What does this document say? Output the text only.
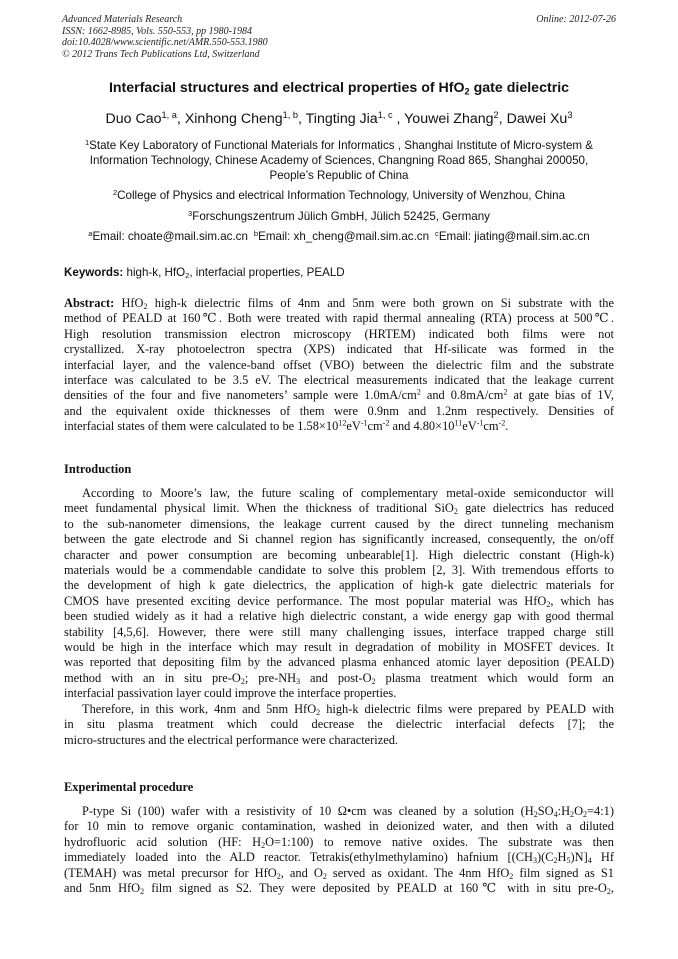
Advanced Materials Research
ISSN: 1662-8985, Vols. 550-553, pp 1980-1984
doi:10.4028/www.scientific.net/AMR.550-553.1980
© 2012 Trans Tech Publications Ltd, Switzerland
Online: 2012-07-26
Interfacial structures and electrical properties of HfO$_2$ gate dielectric
Duo Cao$^{1, a}$, Xinhong Cheng$^{1, b}$, Tingting Jia$^{1, c}$ , Youwei Zhang$^2$, Dawei Xu$^3$
$^1$State Key Laboratory of Functional Materials for Informatics , Shanghai Institute of Micro-system &
Information Technology, Chinese Academy of Sciences, Changning Road 865, Shanghai 200050,
People’s Republic of China
$^2$College of Physics and electrical Information Technology, University of Wenzhou, China
$^3$Forschungszentrum Jülich GmbH, Jülich 52425, Germany
$^a$Email: choate@mail.sim.ac.cn $^b$Email: xh_cheng@mail.sim.ac.cn $^c$Email: jiating@mail.sim.ac.cn
Keywords: high-k, HfO$_2$, interfacial properties, PEALD
Abstract: HfO$_2$ high-k dielectric films of 4nm and 5nm were both grown on Si substrate with the
method of PEALD at 160℃. Both were treated with rapid thermal annealing (RTA) process at 500℃.
High resolution transmission electron microscopy (HRTEM) indicated both films were not
crystallized. X-ray photoelectron spectra (XPS) indicated that Hf-silicate was formed in the
interfacial layer, and the valence-band offset (VBO) between the dielectric film and the substrate
interface was calculated to be 3.5 eV. The electrical measurements indicated that the leakage current
densities of the four and five nanometers’ sample were $1.0mA/cm^2$ and $0.8mA/cm^2$ at gate bias of 1V,
and the equivalent oxide thicknesses of them were 0.9nm and 1.2nm respectively. Densities of
interfacial states of them were calculated to be $1.58\times 10^{12}eV^{-1}cm^{-2}$ and $4.80\times 10^{11}eV^{-1}cm^{-2}$.
Introduction
According to Moore’s law, the future scaling of complementary metal-oxide semiconductor will
meet fundamental physical limit. When the thickness of traditional SiO$_2$ gate dielectrics has reduced
to the sub-nanometer dimensions, the leakage current caused by the direct tunneling mechanism
between the gate electrode and Si channel region has significantly increased, consequently, the on/off
character and power consumption are becoming unbearable[1]. High dielectric constant (High-k)
materials would be a commendable candidate to solve this problem [2, 3]. With tremendous efforts to
the development of high k gate dielectrics, the application of high-k gate dielectric materials for
CMOS have presented exciting device performance. The most popular material was HfO$_2$, which has
been studied widely as it had a relative high dielectric constant, a wide energy gap with good thermal
stability [4,5,6]. However, there were still many challenging issues, interface trapped charge still
would be high in the interface which may result in degradation of mobility in MOSFET devices. It
was reported that depositing film by the advanced plasma enhanced atomic layer deposition (PEALD)
method with an in situ pre-$O_2$; pre-$NH_3$ and post-$O_2$ plasma treatment which would form an
interfacial passivation layer could improve the interface properties.
Therefore, in this work, 4nm and 5nm HfO$_2$ high-k dielectric films were prepared by PEALD with
in situ plasma treatment which could decrease the dielectric interfacial defects [7]; the
micro-structures and the electrical performance were characterized.
Experimental procedure
P-type Si (100) wafer with a resistivity of 10 Ω•cm was cleaned by a solution $(H_2SO_4:H_2O_2=4:1)$
for 10 min to remove organic contamination, washed in deionized water, and then with a diluted
hydrofluoric acid solution (HF: $H_2O=1:100$) to remove native oxides. The substrate was then
immediately loaded into the ALD reactor. Tetrakis(ethylmethylamino) hafnium $[(CH_3)(C_2H_5)N]_4$ Hf
(TEMAH) was metal precursor for HfO$_2$, and $O_2$ served as oxidant. The 4nm HfO$_2$ film signed as S1
and 5nm HfO$_2$ film signed as S2. They were deposited by PEALD at 160℃ with in situ pre-$O_2$,
